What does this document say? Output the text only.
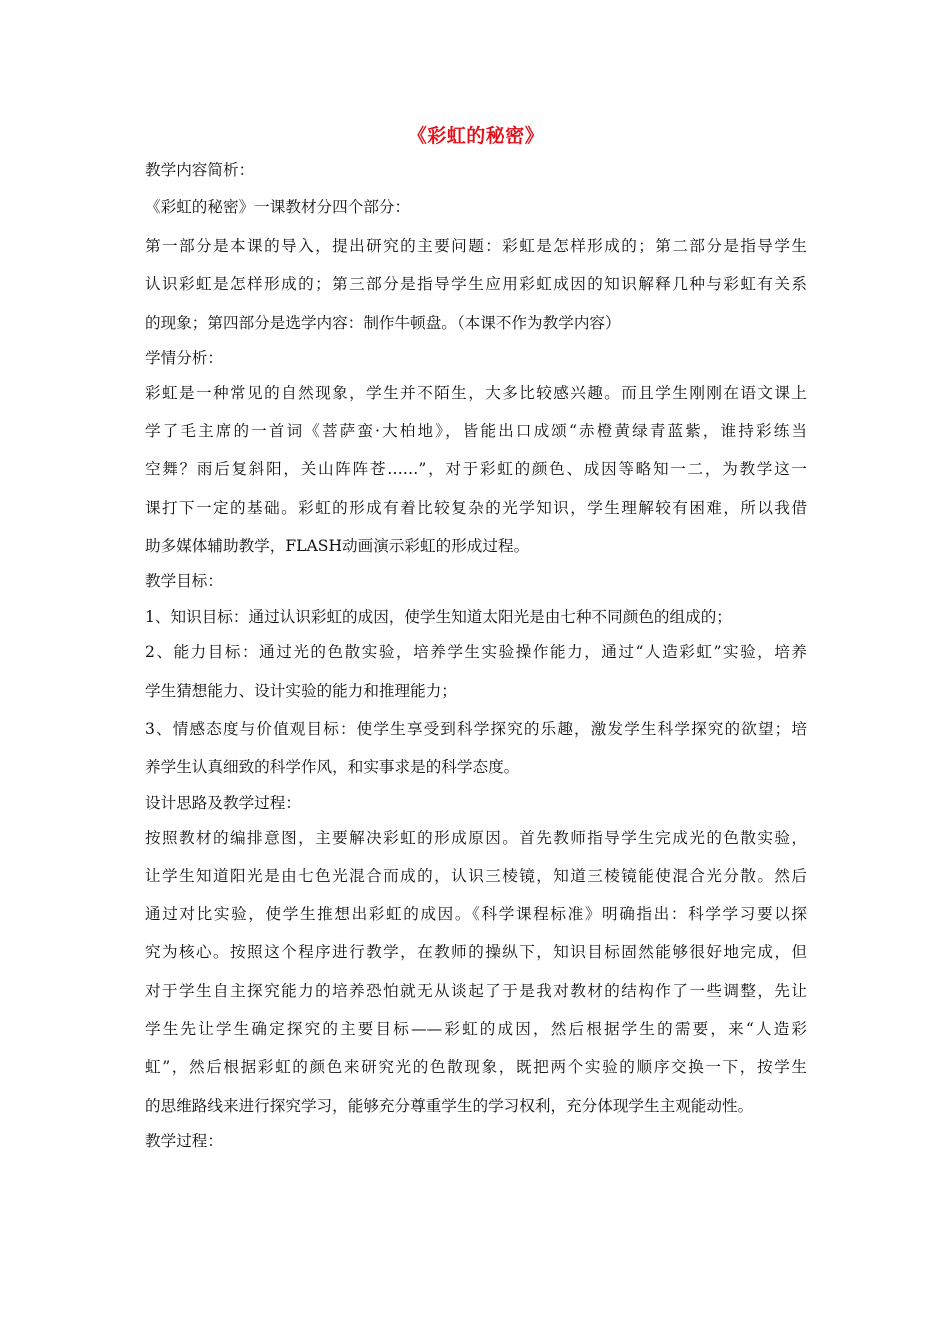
《彩虹的秘密》

教学内容简析：

《彩虹的秘密》一课教材分四个部分：

第一部分是本课的导入，提出研究的主要问题：彩虹是怎样形成的；第二部分是指导学生
认识彩虹是怎样形成的；第三部分是指导学生应用彩虹成因的知识解释几种与彩虹有关系
的现象；第四部分是选学内容：制作牛顿盘。（本课不作为教学内容）

学情分析：

彩虹是一种常见的自然现象，学生并不陌生，大多比较感兴趣。而且学生刚刚在语文课上
学了毛主席的一首词《菩萨蛮·大柏地》，皆能出口成颂“赤橙黄绿青蓝紫，谁持彩练当
空舞？雨后复斜阳，关山阵阵苍……”，对于彩虹的颜色、成因等略知一二，为教学这一
课打下一定的基础。彩虹的形成有着比较复杂的光学知识，学生理解较有困难，所以我借
助多媒体辅助教学，FLASH动画演示彩虹的形成过程。

教学目标：

1、知识目标：通过认识彩虹的成因，使学生知道太阳光是由七种不同颜色的组成的；

2、能力目标：通过光的色散实验，培养学生实验操作能力，通过“人造彩虹”实验，培养
学生猜想能力、设计实验的能力和推理能力；
3、情感态度与价值观目标：使学生享受到科学探究的乐趣，激发学生科学探究的欲望；培
养学生认真细致的科学作风，和实事求是的科学态度。

设计思路及教学过程：

按照教材的编排意图，主要解决彩虹的形成原因。首先教师指导学生完成光的色散实验，
让学生知道阳光是由七色光混合而成的，认识三棱镜，知道三棱镜能使混合光分散。然后
通过对比实验，使学生推想出彩虹的成因。《科学课程标准》明确指出：科学学习要以探
究为核心。按照这个程序进行教学，在教师的操纵下，知识目标固然能够很好地完成，但
对于学生自主探究能力的培养恐怕就无从谈起了于是我对教材的结构作了一些调整，先让
学生先让学生确定探究的主要目标——彩虹的成因，然后根据学生的需要，来“人造彩
虹”，然后根据彩虹的颜色来研究光的色散现象，既把两个实验的顺序交换一下，按学生
的思维路线来进行探究学习，能够充分尊重学生的学习权利，充分体现学生主观能动性。

教学过程：
